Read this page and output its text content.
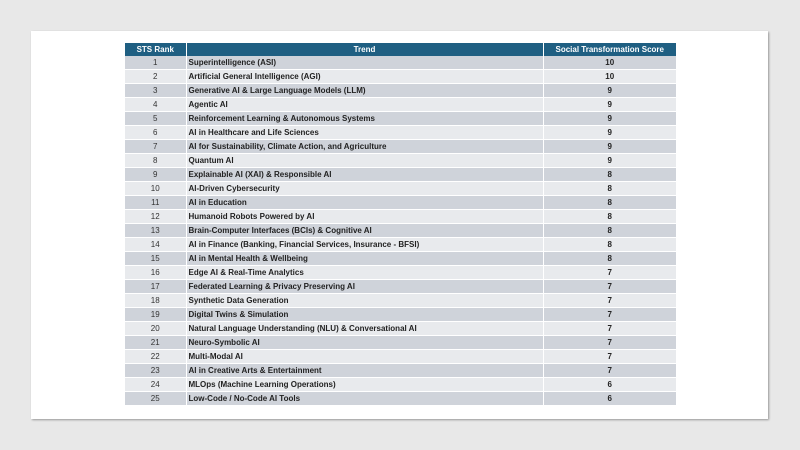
STS Rank	Trend	Social Transformation Score
1	Superintelligence (ASI)	10
2	Artificial General Intelligence (AGI)	10
3	Generative AI & Large Language Models (LLM)	9
4	Agentic AI	9
5	Reinforcement Learning & Autonomous Systems	9
6	AI in Healthcare and Life Sciences	9
7	AI for Sustainability, Climate Action, and Agriculture	9
8	Quantum AI	9
9	Explainable AI (XAI) & Responsible AI	8
10	AI-Driven Cybersecurity	8
11	AI in Education	8
12	Humanoid Robots Powered by AI	8
13	Brain-Computer Interfaces (BCIs) & Cognitive AI	8
14	AI in Finance (Banking, Financial Services, Insurance - BFSI)	8
15	AI in Mental Health & Wellbeing	8
16	Edge AI & Real-Time Analytics	7
17	Federated Learning & Privacy Preserving AI	7
18	Synthetic Data Generation	7
19	Digital Twins & Simulation	7
20	Natural Language Understanding (NLU) & Conversational AI	7
21	Neuro-Symbolic AI	7
22	Multi-Modal AI	7
23	AI in Creative Arts & Entertainment	7
24	MLOps (Machine Learning Operations)	6
25	Low-Code / No-Code AI Tools	6
